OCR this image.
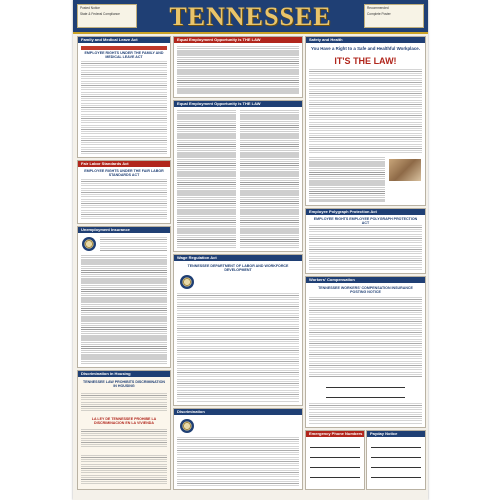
Posted Notice
State & Federal Compliance	TENNESSEE	Recommended
Complete Poster
Family and Medical Leave Act
EMPLOYEE RIGHTS UNDER THE FAMILY AND MEDICAL LEAVE ACT
Fair Labor Standards Act
EMPLOYEE RIGHTS UNDER THE FAIR LABOR STANDARDS ACT
Unemployment Insurance
Discrimination in Housing
TENNESSEE LAW PROHIBITS DISCRIMINATION IN HOUSING
LA LEY DE TENNESSEE PROHIBE LA DISCRIMINACION EN LA VIVIENDA
Equal Employment Opportunity is THE LAW
Equal Employment Opportunity is THE LAW
Wage Regulation Act
TENNESSEE DEPARTMENT OF LABOR AND WORKFORCE DEVELOPMENT
Discrimination
Safety and Health
You Have a Right to a Safe and Healthful Workplace.
IT'S THE LAW!
Employee Polygraph Protection Act
EMPLOYEE RIGHTS EMPLOYEE POLYGRAPH PROTECTION ACT
Workers' Compensation
TENNESSEE WORKERS' COMPENSATION INSURANCE POSTING NOTICE
Emergency Phone Numbers	Payday Notice
